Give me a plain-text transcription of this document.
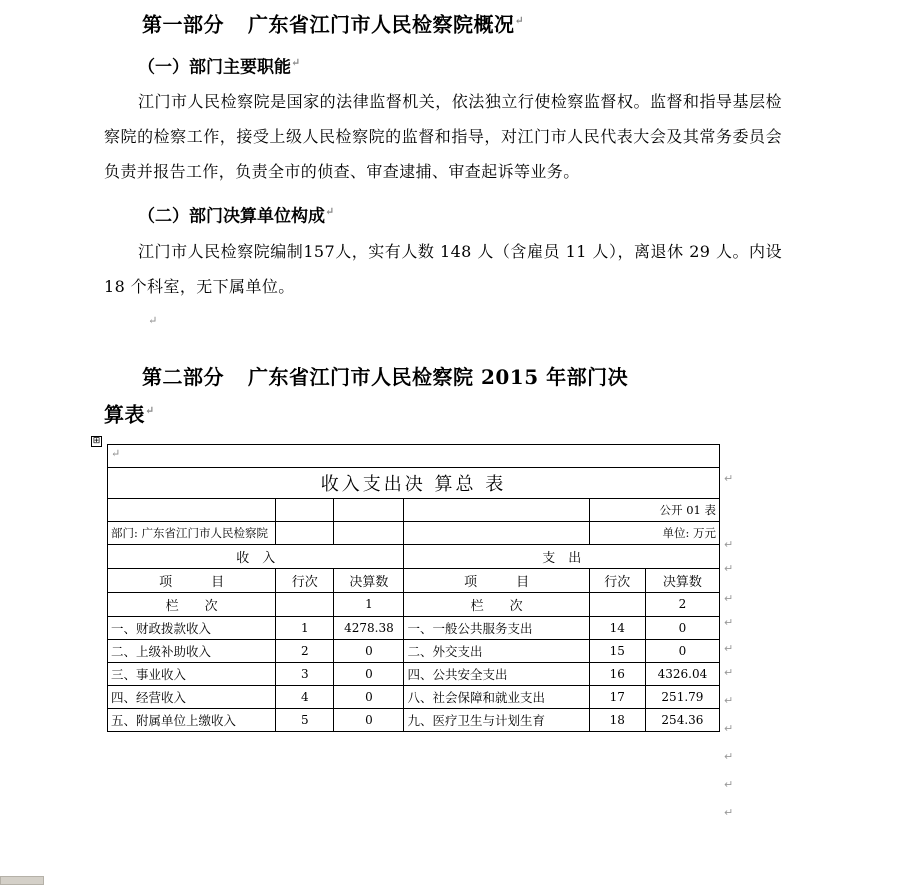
第一部分 广东省江门市人民检察院概况↵
（一）部门主要职能↵

江门市人民检察院是国家的法律监督机关，依法独立行使检察监督权。监督和指导基层检察院的检察工作，接受上级人民检察院的监督和指导，对江门市人民代表大会及其常务委员会负责并报告工作，负责全市的侦查、审查逮捕、审查起诉等业务。

（二）部门决算单位构成↵

江门市人民检察院编制157人，实有人数 148 人（含雇员 11 人），离退休 29 人。内设 18 个科室，无下属单位。

↵
第二部分 广东省江门市人民检察院 2015 年部门决
算表↵
⊞
↵					
收入支出决 算总 表					
				公开 01 表	
部门: 广东省江门市人民检察院				单位: 万元	
收　入			支　出		
项　　　目	行次	决算数	项　　　目	行次	决算数
栏　　次		1	栏　　次		2
一、财政拨款收入	1	4278.38	一、一般公共服务支出	14	0
二、上级补助收入	2	0	二、外交支出	15	0
三、事业收入	3	0	四、公共安全支出	16	4326.04
四、经营收入	4	0	八、社会保障和就业支出	17	251.79
五、附属单位上缴收入	5	0	九、医疗卫生与计划生育	18	254.36
↵
↵
↵
↵
↵
↵
↵
↵
↵
↵
↵
↵
